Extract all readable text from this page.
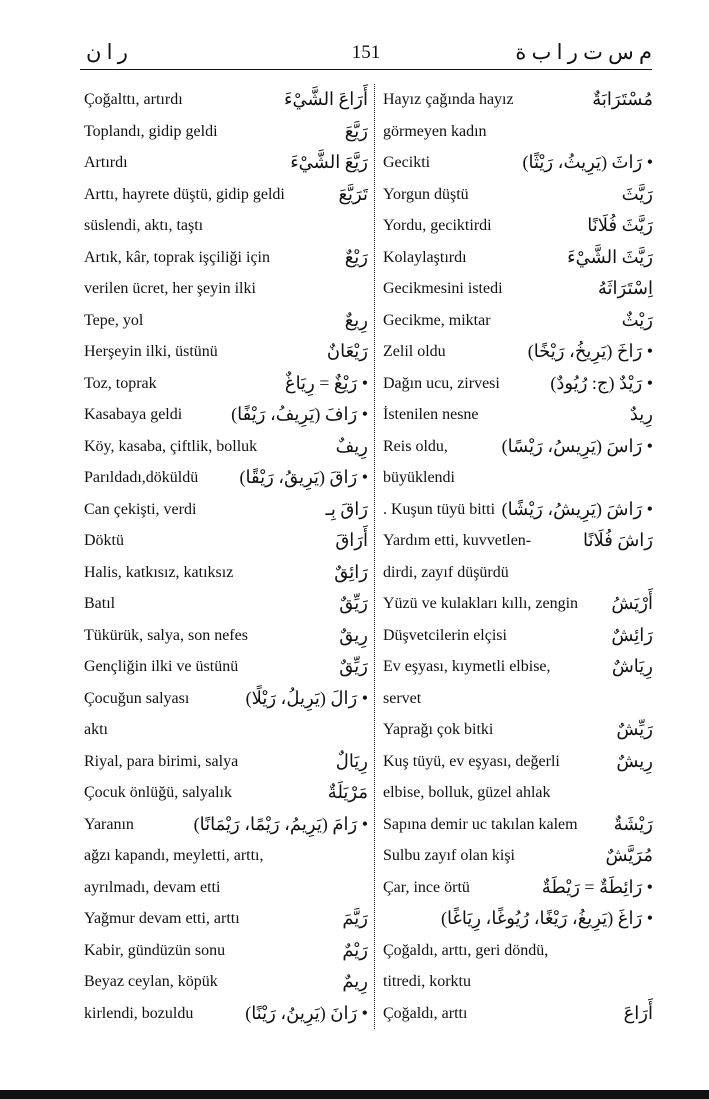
ر ا ن	151	م س ت ر ا ب ة
Çoğalttı, artırdı	أَرَاعَ الشَّيْءَ
Toplandı, gidip geldi	رَيَّعَ
Artırdı	رَيَّعَ الشَّيْءَ
Arttı, hayrete düştü, gidip geldi	تَرَيَّعَ
süslendi, aktı, taştı
Artık, kâr, toprak işçiliği için	رَيْعٌ
verilen ücret, her şeyin ilki
Tepe, yol	رِيعٌ
Herşeyin ilki, üstünü	رَيْعَانٌ
Toz, toprak	• رَيْغٌ = رِيَاغٌ
Kasabaya geldi	• رَافَ (يَرِيفُ، رَيْفًا)
Köy, kasaba, çiftlik, bolluk	رِيفٌ
Parıldadı,döküldü • رَاقَ (يَرِيقُ، رَيْقًا)
Can çekişti, verdi	رَاقَ بِـ
Döktü	أَرَاقَ
Halis, katkısız, katıksız	رَائِقٌ
Batıl	رَيِّقٌ
Tükürük, salya, son nefes	رِيقٌ
Gençliğin ilki ve üstünü	رَيِّقٌ
Çocuğun salyası	• رَالَ (يَرِيلُ، رَيْلًا)
aktı
Riyal, para birimi, salya	رِيَالٌ
Çocuk önlüğü, salyalık	مَرْيَلَةٌ
Yaranın	• رَامَ (يَرِيمُ، رَيْمًا، رَيْمَانًا)
ağzı kapandı, meyletti, arttı,
ayrılmadı, devam etti
Yağmur devam etti, arttı	رَيَّمَ
Kabir, gündüzün sonu	رَيْمٌ
Beyaz ceylan, köpük	رِيمٌ
kirlendi, bozuldu	• رَانَ (يَرِينُ، رَيْنًا)
Hayız çağında hayız	مُسْتَرَابَةٌ
görmeyen kadın
Gecikti	• رَاثَ (يَرِيثُ، رَيْثًا)
Yorgun düştü	رَيَّثَ
Yordu, geciktirdi	رَيَّثَ فُلَانًا
Kolaylaştırdı	رَيَّثَ الشَّيْءَ
Gecikmesini istedi	اِسْتَرَاثَهُ
Gecikme, miktar	رَيْثٌ
Zelil oldu	• رَاخَ (يَرِيخُ، رَيْخًا)
Dağın ucu, zirvesi	• رَيْدٌ (ج: رُيُودٌ)
İstenilen nesne	رِيدٌ
Reis oldu,	• رَاسَ (يَرِيسُ، رَيْسًا)
büyüklendi
. Kuşun tüyü bitti • رَاشَ (يَرِيشُ، رَيْشًا)
Yardım etti, kuvvetlen-	رَاشَ فُلَانًا
dirdi, zayıf düşürdü
Yüzü ve kulakları kıllı, zengin أَرْيَشُ
Düşvetcilerin elçisi	رَائِشٌ
Ev eşyası, kıymetli elbise,	رِيَاشٌ
servet
Yaprağı çok bitki	رَيِّشٌ
Kuş tüyü, ev eşyası, değerli	رِيشٌ
elbise, bolluk, güzel ahlak
Sapına demir uc takılan kalem رَيْشَةٌ
Sulbu zayıf olan kişi	مُرَيَّشٌ
Çar, ince örtü	• رَائِطَةٌ = رَيْطَةٌ
• رَاغَ (يَرِيغُ، رَيْغًا، رُيُوغًا، رِيَاغًا)
Çoğaldı, arttı, geri döndü,
titredi, korktu
Çoğaldı, arttı	أَرَاعَ
